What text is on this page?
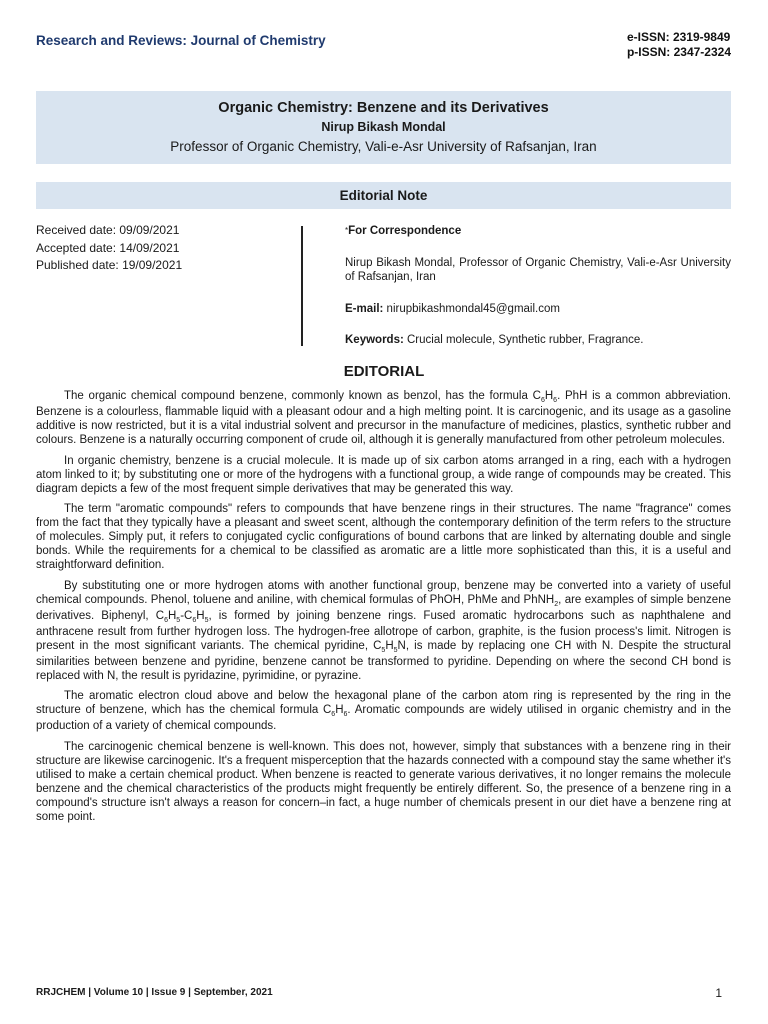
Research and Reviews: Journal of Chemistry	e-ISSN: 2319-9849
p-ISSN: 2347-2324
Organic Chemistry: Benzene and its Derivatives
Nirup Bikash Mondal
Professor of Organic Chemistry, Vali-e-Asr University of Rafsanjan, Iran
Editorial Note
Received date: 09/09/2021
Accepted date: 14/09/2021
Published date: 19/09/2021
*For Correspondence
Nirup Bikash Mondal, Professor of Organic Chemistry, Vali-e-Asr University of Rafsanjan, Iran
E-mail: nirupbikashmondal45@gmail.com
Keywords: Crucial molecule, Synthetic rubber, Fragrance.
EDITORIAL

The organic chemical compound benzene, commonly known as benzol, has the formula $C_6H_6$. PhH is a common abbreviation. Benzene is a colourless, flammable liquid with a pleasant odour and a high melting point. It is carcinogenic, and its usage as a gasoline additive is now restricted, but it is a vital industrial solvent and precursor in the manufacture of medicines, plastics, synthetic rubber and colours. Benzene is a naturally occurring component of crude oil, although it is generally manufactured from other petroleum molecules.

In organic chemistry, benzene is a crucial molecule. It is made up of six carbon atoms arranged in a ring, each with a hydrogen atom linked to it; by substituting one or more of the hydrogens with a functional group, a wide range of compounds may be created. This diagram depicts a few of the most frequent simple derivatives that may be generated this way.

The term "aromatic compounds" refers to compounds that have benzene rings in their structures. The name "fragrance" comes from the fact that they typically have a pleasant and sweet scent, although the contemporary definition of the term refers to the structure of molecules. Simply put, it refers to conjugated cyclic configurations of bound carbons that are linked by alternating double and single bonds. While the requirements for a chemical to be classified as aromatic are a little more sophisticated than this, it is a useful and straightforward definition.

By substituting one or more hydrogen atoms with another functional group, benzene may be converted into a variety of useful chemical compounds. Phenol, toluene and aniline, with chemical formulas of PhOH, PhMe and PhNH$_2$, are examples of simple benzene derivatives. Biphenyl, $C_6H_5-C_6H_5$, is formed by joining benzene rings. Fused aromatic hydrocarbons such as naphthalene and anthracene result from further hydrogen loss. The hydrogen-free allotrope of carbon, graphite, is the fusion process's limit. Nitrogen is present in the most significant variants. The chemical pyridine, $C_5H_5N$, is made by replacing one CH with N. Despite the structural similarities between benzene and pyridine, benzene cannot be transformed to pyridine. Depending on where the second CH bond is replaced with N, the result is pyridazine, pyrimidine, or pyrazine.

The aromatic electron cloud above and below the hexagonal plane of the carbon atom ring is represented by the ring in the structure of benzene, which has the chemical formula $C_6H_6$. Aromatic compounds are widely utilised in organic chemistry and in the production of a variety of chemical compounds.

The carcinogenic chemical benzene is well-known. This does not, however, simply that substances with a benzene ring in their structure are likewise carcinogenic. It's a frequent misperception that the hazards connected with a compound stay the same whether it's utilised to make a certain chemical product. When benzene is reacted to generate various derivatives, it no longer remains the molecule benzene and the chemical characteristics of the products might frequently be entirely different. So, the presence of a benzene ring in a compound's structure isn't always a reason for concern–in fact, a huge number of chemicals present in our diet have a benzene ring at some point.

RRJCHEM | Volume 10 | Issue 9 | September, 2021	1
